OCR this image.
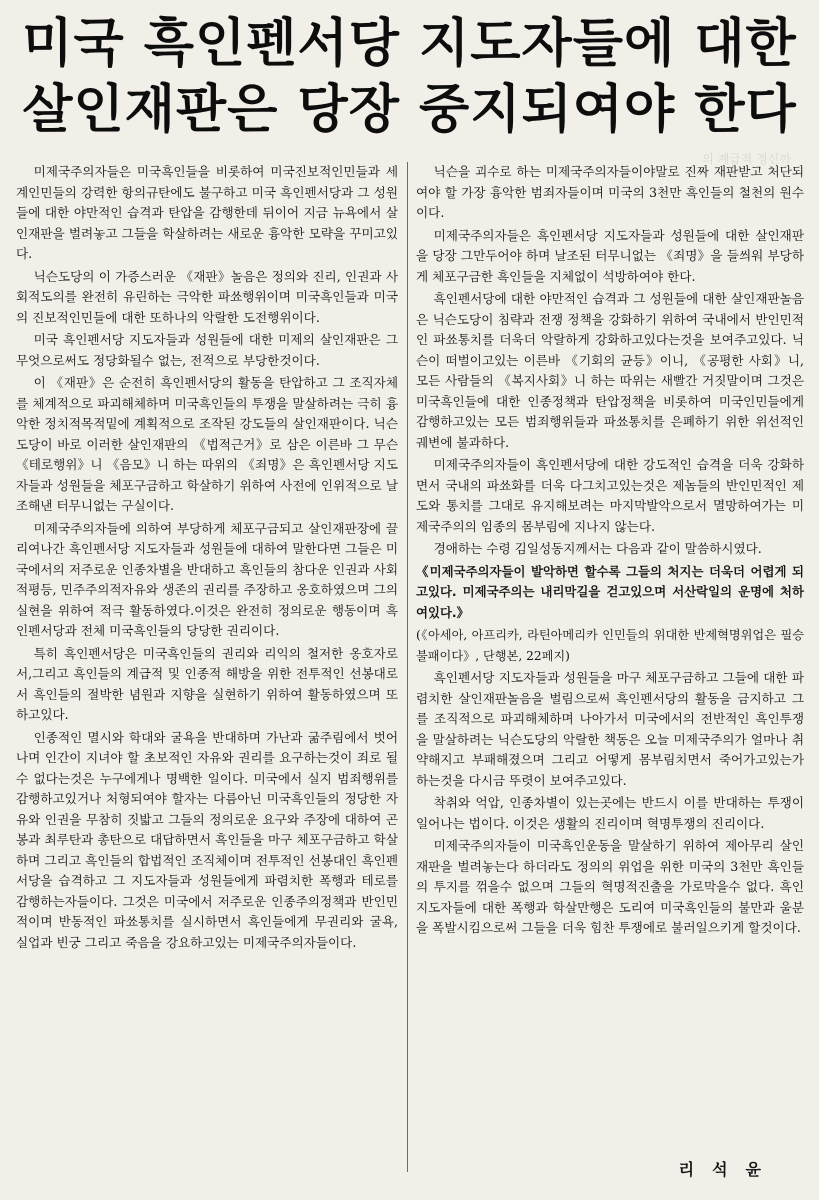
미국 흑인펜서당 지도자들에 대한
살인재판은 당장 중지되여야 한다
의 계급적 정신까

미제국주의자들은 미국흑인들을 비롯하여 미국진보적인민들과 세계인민들의 강력한 항의규탄에도 불구하고 미국 흑인펜서당과 그 성원들에 대한 야만적인 습격과 탄압을 감행한데 뒤이어 지금 뉴욕에서 살인재판을 벌려놓고 그들을 학살하려는 새로운 흉악한 모략을 꾸미고있다.

닉슨도당의 이 가증스러운 《재판》놀음은 정의와 진리, 인권과 사회적도의를 완전히 유린하는 극악한 파쑈행위이며 미국흑인들과 미국의 진보적인민들에 대한 또하나의 악랄한 도전행위이다.

미국 흑인펜서당 지도자들과 성원들에 대한 미제의 살인재판은 그 무엇으로써도 정당화될수 없는, 전적으로 부당한것이다.

이 《재판》은 순전히 흑인펜서당의 활동을 탄압하고 그 조직자체를 체계적으로 파괴해체하며 미국흑인들의 투쟁을 말살하려는 극히 흉악한 정치적목적밑에 계획적으로 조작된 강도들의 살인재판이다. 닉슨도당이 바로 이러한 살인재판의 《법적근거》로 삼은 이른바 그 무슨 《테로행위》니 《음모》니 하는 따위의 《죄명》은 흑인펜서당 지도자들과 성원들을 체포구금하고 학살하기 위하여 사전에 인위적으로 날조해낸 터무니없는 구실이다.

미제국주의자들에 의하여 부당하게 체포구금되고 살인재판장에 끌리여나간 흑인펜서당 지도자들과 성원들에 대하여 말한다면 그들은 미국에서의 저주로운 인종차별을 반대하고 흑인들의 참다운 인권과 사회적평등, 민주주의적자유와 생존의 권리를 주장하고 옹호하였으며 그의 실현을 위하여 적극 활동하였다.이것은 완전히 정의로운 행동이며 흑인펜서당과 전체 미국흑인들의 당당한 권리이다.

특히 흑인펜서당은 미국흑인들의 권리와 리익의 철저한 옹호자로서,그리고 흑인들의 계급적 및 인종적 해방을 위한 전투적인 선봉대로서 흑인들의 절박한 념원과 지향을 실현하기 위하여 활동하였으며 또 하고있다.

인종적인 멸시와 학대와 굴욕을 반대하며 가난과 굶주림에서 벗어나며 인간이 지녀야 할 초보적인 자유와 권리를 요구하는것이 죄로 될수 없다는것은 누구에게나 명백한 일이다. 미국에서 실지 범죄행위를 감행하고있거나 처형되여야 할자는 다름아닌 미국흑인들의 정당한 자유와 인권을 무참히 짓밟고 그들의 정의로운 요구와 주장에 대하여 곤봉과 최루탄과 총탄으로 대답하면서 흑인들을 마구 체포구금하고 학살하며 그리고 흑인들의 합법적인 조직체이며 전투적인 선봉대인 흑인펜서당을 습격하고 그 지도자들과 성원들에게 파렴치한 폭행과 테로를 감행하는자들이다. 그것은 미국에서 저주로운 인종주의정책과 반인민적이며 반동적인 파쑈통치를 실시하면서 흑인들에게 무권리와 굴욕, 실업과 빈궁 그리고 죽음을 강요하고있는 미제국주의자들이다.

닉슨을 괴수로 하는 미제국주의자들이야말로 진짜 재판받고 처단되여야 할 가장 흉악한 범죄자들이며 미국의 3천만 흑인들의 철천의 원수이다.

미제국주의자들은 흑인펜서당 지도자들과 성원들에 대한 살인재판을 당장 그만두어야 하며 날조된 터무니없는 《죄명》을 들씌워 부당하게 체포구금한 흑인들을 지체없이 석방하여야 한다.

흑인펜서당에 대한 야만적인 습격과 그 성원들에 대한 살인재판놀음은 닉슨도당이 침략과 전쟁 정책을 강화하기 위하여 국내에서 반인민적인 파쑈통치를 더욱더 악랄하게 강화하고있다는것을 보여주고있다. 닉슨이 떠벌이고있는 이른바 《기회의 균등》이니, 《공평한 사회》니, 모든 사람들의 《복지사회》니 하는 따위는 새빨간 거짓말이며 그것은 미국흑인들에 대한 인종정책과 탄압정책을 비롯하여 미국인민들에게 감행하고있는 모든 범죄행위들과 파쑈통치를 은폐하기 위한 위선적인 궤변에 불과하다.

미제국주의자들이 흑인펜서당에 대한 강도적인 습격을 더욱 강화하면서 국내의 파쑈화를 더욱 다그치고있는것은 제놈들의 반인민적인 제도와 통치를 그대로 유지해보려는 마지막발악으로서 멸망하여가는 미제국주의의 임종의 몸부림에 지나지 않는다.

경애하는 수령 김일성동지께서는 다음과 같이 말씀하시였다.

《미제국주의자들이 발악하면 할수록 그들의 처지는 더욱더 어렵게 되고있다. 미제국주의는 내리막길을 걷고있으며 서산락일의 운명에 처하여있다.》

(《아세아, 아프리카, 라틴아메리카 인민들의 위대한 반제혁명위업은 필승불패이다》, 단행본, 22페지)

흑인펜서당 지도자들과 성원들을 마구 체포구금하고 그들에 대한 파렴치한 살인재판놀음을 벌림으로써 흑인펜서당의 활동을 금지하고 그를 조직적으로 파괴해체하며 나아가서 미국에서의 전반적인 흑인투쟁을 말살하려는 닉슨도당의 악랄한 책동은 오늘 미제국주의가 얼마나 취약해지고 부패해졌으며 그리고 어떻게 몸부림치면서 죽어가고있는가 하는것을 다시금 뚜렷이 보여주고있다.

착취와 억압, 인종차별이 있는곳에는 반드시 이를 반대하는 투쟁이 일어나는 법이다. 이것은 생활의 진리이며 혁명투쟁의 진리이다.

미제국주의자들이 미국흑인운동을 말살하기 위하여 제아무리 살인재판을 벌려놓는다 하더라도 정의의 위업을 위한 미국의 3천만 흑인들의 투지를 꺾을수 없으며 그들의 혁명적진출을 가로막을수 없다. 흑인지도자들에 대한 폭행과 학살만행은 도리여 미국흑인들의 불만과 울분을 폭발시킴으로써 그들을 더욱 힘찬 투쟁에로 불러일으키게 할것이다.

리석윤
